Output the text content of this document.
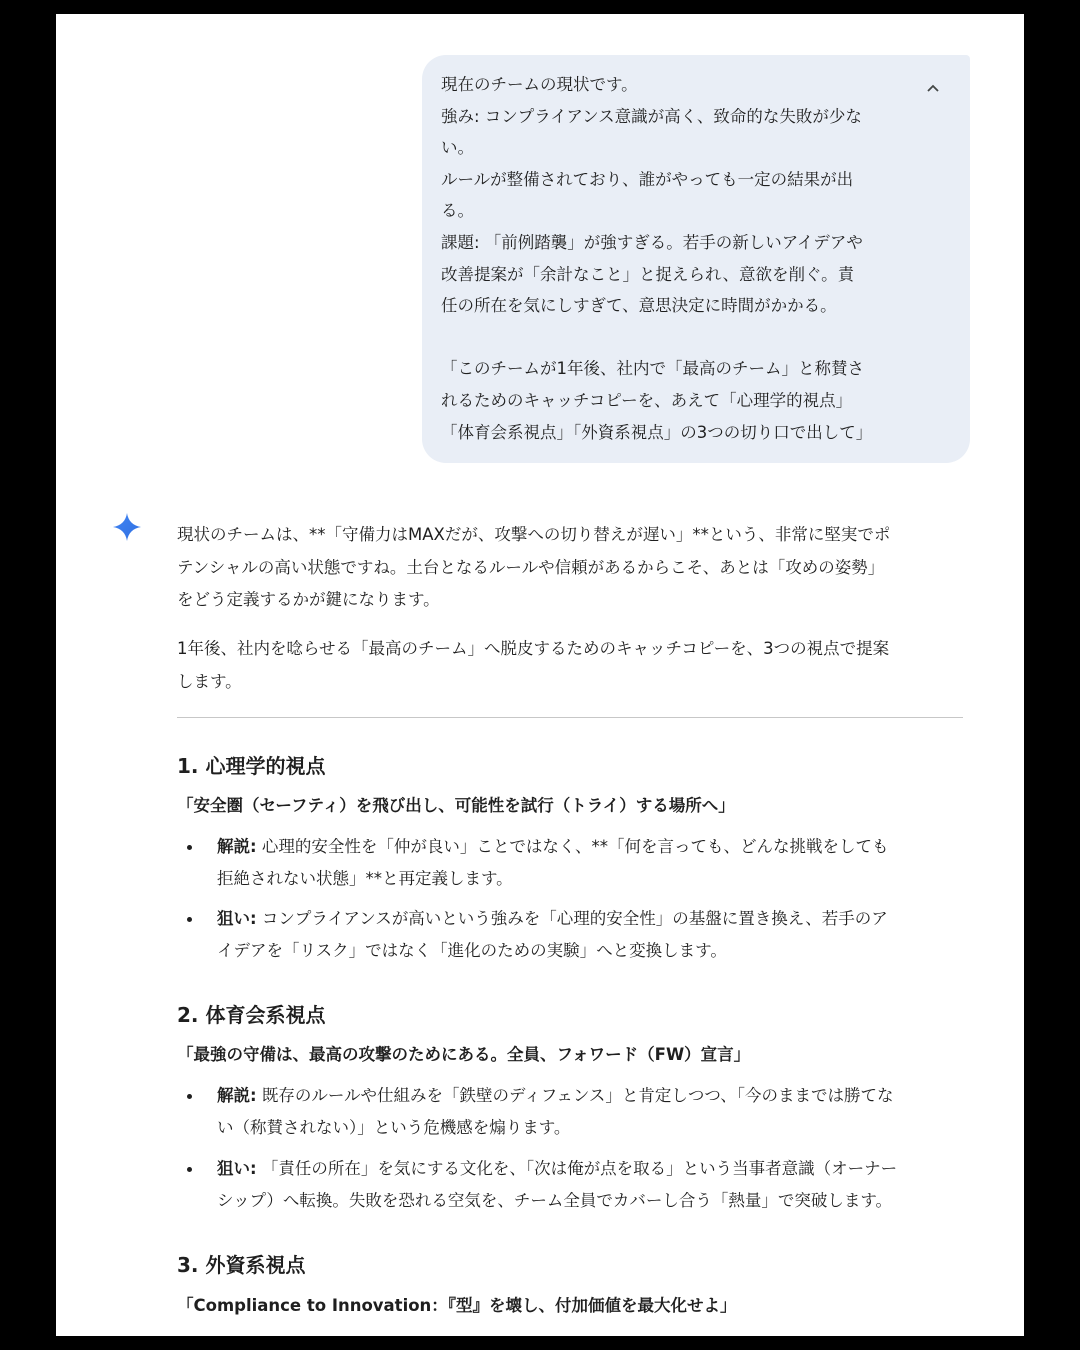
現在のチームの現状です。
強み: コンプライアンス意識が高く、致命的な失敗が少な
い。
ルールが整備されており、誰がやっても一定の結果が出
る。
課題: 「前例踏襲」が強すぎる。若手の新しいアイデアや
改善提案が「余計なこと」と捉えられ、意欲を削ぐ。責
任の所在を気にしすぎて、意思決定に時間がかかる。
「このチームが1年後、社内で「最高のチーム」と称賛さ
れるためのキャッチコピーを、あえて「心理学的視点」
「体育会系視点」「外資系視点」の3つの切り口で出して」
現状のチームは、**「守備力はMAXだが、攻撃への切り替えが遅い」**という、非常に堅実でポ
テンシャルの高い状態ですね。土台となるルールや信頼があるからこそ、あとは「攻めの姿勢」
をどう定義するかが鍵になります。
1年後、社内を唸らせる「最高のチーム」へ脱皮するためのキャッチコピーを、3つの視点で提案
します。
1. 心理学的視点
「安全圏（セーフティ）を飛び出し、可能性を試行（トライ）する場所へ」
解説: 心理的安全性を「仲が良い」ことではなく、**「何を言っても、どんな挑戦をしても
拒絶されない状態」**と再定義します。
狙い: コンプライアンスが高いという強みを「心理的安全性」の基盤に置き換え、若手のア
イデアを「リスク」ではなく「進化のための実験」へと変換します。
2. 体育会系視点
「最強の守備は、最高の攻撃のためにある。全員、フォワード（FW）宣言」
解説: 既存のルールや仕組みを「鉄壁のディフェンス」と肯定しつつ、「今のままでは勝てな
い（称賛されない）」という危機感を煽ります。
狙い: 「責任の所在」を気にする文化を、「次は俺が点を取る」という当事者意識（オーナー
シップ）へ転換。失敗を恐れる空気を、チーム全員でカバーし合う「熱量」で突破します。
3. 外資系視点
「Compliance to Innovation：『型』を壊し、付加価値を最大化せよ」
